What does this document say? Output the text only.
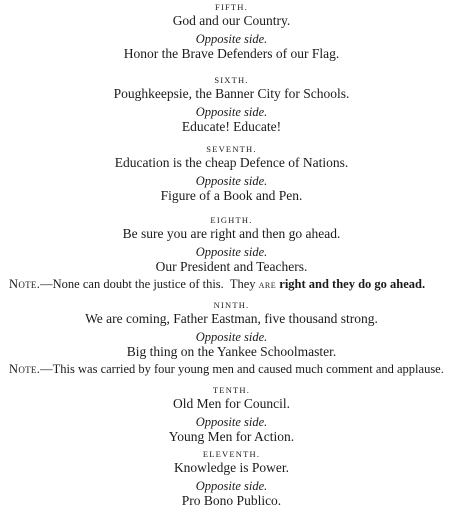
FIFTH.
God and our Country.
Opposite side.
Honor the Brave Defenders of our Flag.
SIXTH.
Poughkeepsie, the Banner City for Schools.
Opposite side.
Educate! Educate!
SEVENTH.
Education is the cheap Defence of Nations.
Opposite side.
Figure of a Book and Pen.
EIGHTH.
Be sure you are right and then go ahead.
Opposite side.
Our President and Teachers.
Note.—None can doubt the justice of this.  They are right and they do go ahead.
NINTH.
We are coming, Father Eastman, five thousand strong.
Opposite side.
Big thing on the Yankee Schoolmaster.
Note.—This was carried by four young men and caused much comment and applause.
TENTH.
Old Men for Council.
Opposite side.
Young Men for Action.
ELEVENTH.
Knowledge is Power.
Opposite side.
Pro Bono Publico.
